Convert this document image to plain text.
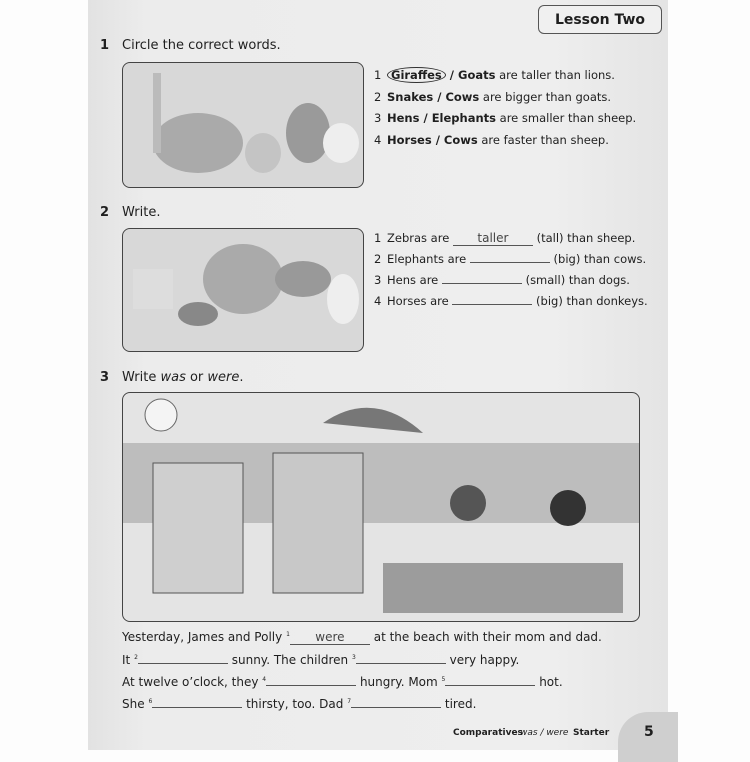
Lesson Two
1 Circle the correct words.
1 Giraffes / Goats are taller than lions.
2 Snakes / Cows are bigger than goats.
3 Hens / Elephants are smaller than sheep.
4 Horses / Cows are faster than sheep.
2 Write.
1 Zebras are taller (tall) than sheep.
2 Elephants are	(big) than cows.
3 Hens are	(small) than dogs.
4 Horses are	(big) than donkeys.
3 Write was or were.
Yesterday, James and Polly $^1$ were at the beach with their mom and dad.
It $^2$	sunny. The children $^3$	very happy.
At twelve o’clock, they $^4$	hungry. Mom $^5$	hot.
She $^6$	thirsty, too. Dad $^7$	tired.
Comparatives
was / were Starter	5
